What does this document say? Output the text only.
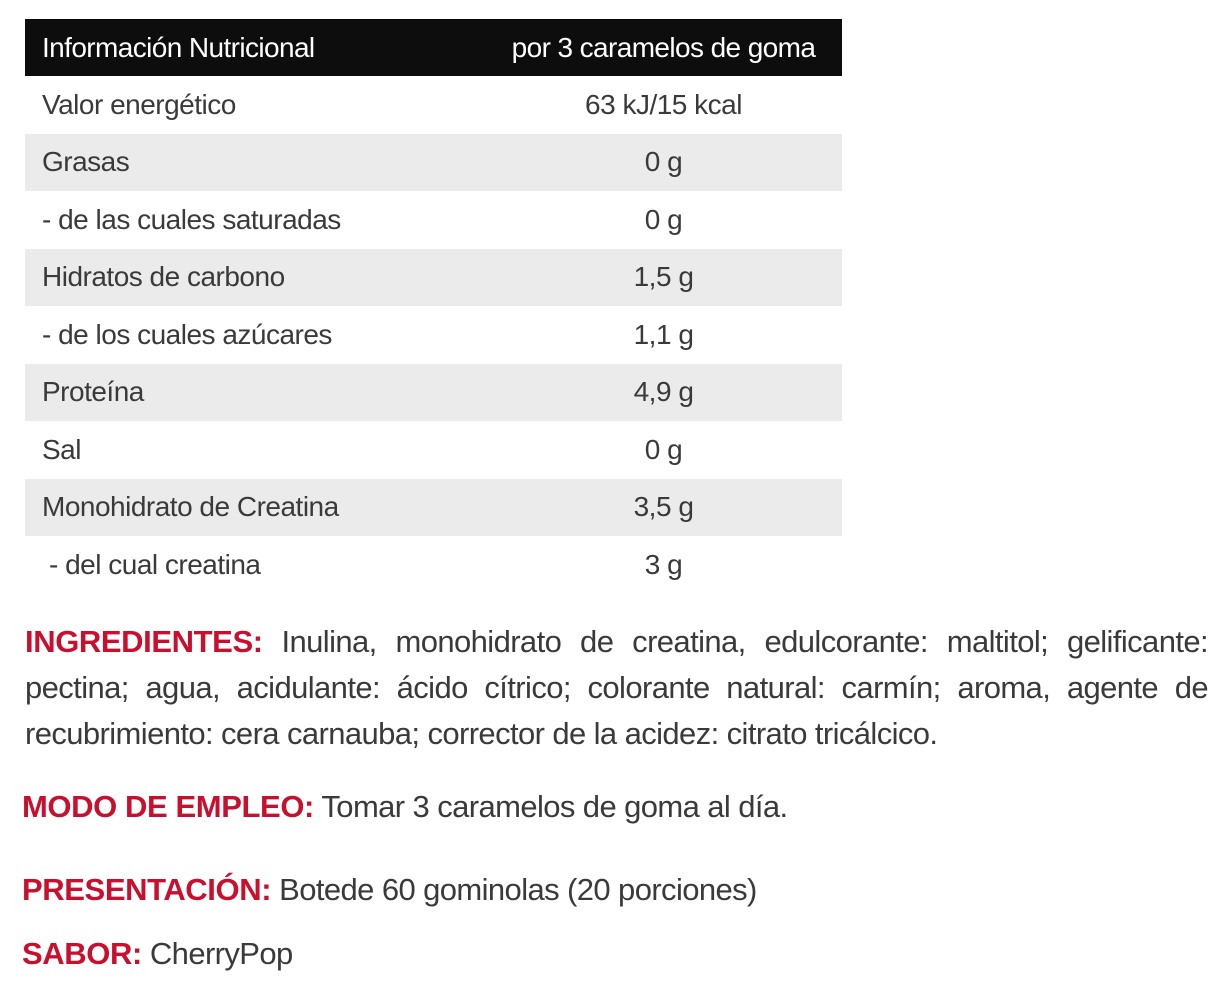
Información Nutricional	por 3 caramelos de goma
Valor energético	63 kJ/15 kcal
Grasas	0 g
- de las cuales saturadas	0 g
Hidratos de carbono	1,5 g
- de los cuales azúcares	1,1 g
Proteína	4,9 g
Sal	0 g
Monohidrato de Creatina	3,5 g
- del cual creatina	3 g
INGREDIENTES: Inulina, monohidrato de creatina, edulcorante: maltitol; gelificante: pectina; agua, acidulante: ácido cítrico; colorante natural: carmín; aroma, agente de recubrimiento: cera carnauba; corrector de la acidez: citrato tricálcico.
MODO DE EMPLEO: Tomar 3 caramelos de goma al día.
PRESENTACIÓN: Botede 60 gominolas (20 porciones)
SABOR: CherryPop
